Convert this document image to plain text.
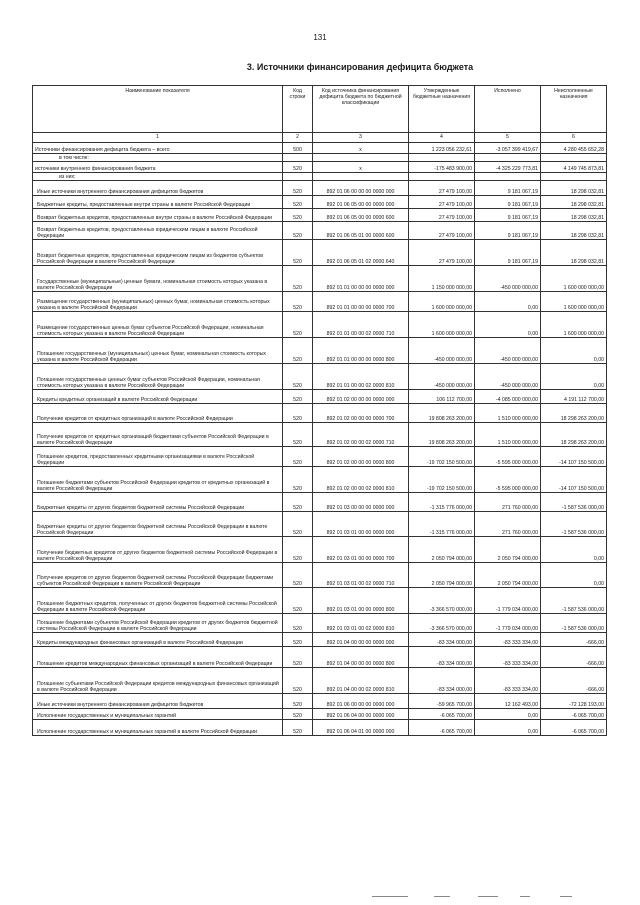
131
3. Источники финансирования дефицита бюджета
Наименование показателя	Код строки	Код источника финансирования дефицита бюджета по бюджетной классификации	Утвержденные бюджетные назначения	Исполнено	Неисполненные назначения
1	2	3	4	5	6
Источники финансирования дефицита бюджета – всего	500	x	1 223 056 232,61	-3 057 399 419,67	4 280 455 652,28
в том числе:					
источники внутреннего финансирования бюджета	520	x	-175 483 900,00	-4 325 229 773,81	4 149 745 873,81
из них:					
Иные источники внутреннего финансирования дефицитов бюджетов	520	892 01 06 00 00 00 0000 000	27 479 100,00	9 181 067,19	18 298 032,81
Бюджетные кредиты, предоставленные внутри страны в валюте Российской Федерации	520	892 01 06 05 00 00 0000 000	27 479 100,00	9 181 067,19	18 298 032,81
Возврат бюджетных кредитов, предоставленных внутри страны в валюте Российской Федерации	520	892 01 06 05 00 00 0000 600	27 479 100,00	9 181 067,19	18 298 032,81
Возврат бюджетных кредитов, предоставленных юридическим лицам в валюте Российской Федерации	520	892 01 06 05 01 00 0000 600	27 479 100,00	9 181 067,19	18 298 032,81
Возврат бюджетных кредитов, предоставленных юридическим лицам из бюджетов субъектов Российской Федерации в валюте Российской Федерации	520	892 01 06 05 01 02 0000 640	27 479 100,00	9 181 067,19	18 298 032,81
Государственные (муниципальные) ценные бумаги, номинальная стоимость которых указана в валюте Российской Федерации	520	892 01 01 00 00 00 0000 000	1 150 000 000,00	-450 000 000,00	1 600 000 000,00
Размещение государственных (муниципальных) ценных бумаг, номинальная стоимость которых указана в валюте Российской Федерации	520	892 01 01 00 00 00 0000 700	1 600 000 000,00	0,00	1 600 000 000,00
Размещение государственных ценных бумаг субъектов Российской Федерации, номинальная стоимость которых указана в валюте Российской Федерации	520	892 01 01 00 00 02 0000 710	1 600 000 000,00	0,00	1 600 000 000,00
Погашение государственных (муниципальных) ценных бумаг, номинальная стоимость которых указана в валюте Российской Федерации	520	892 01 01 00 00 00 0000 800	-450 000 000,00	-450 000 000,00	0,00
Погашение государственных ценных бумаг субъектов Российской Федерации, номинальная стоимость которых указана в валюте Российской Федерации	520	892 01 01 00 00 02 0000 810	-450 000 000,00	-450 000 000,00	0,00
Кредиты кредитных организаций в валюте Российской Федерации	520	892 01 02 00 00 00 0000 000	106 112 700,00	-4 085 000 000,00	4 191 112 700,00
Получение кредитов от кредитных организаций в валюте Российской Федерации	520	892 01 02 00 00 00 0000 700	19 808 263 200,00	1 510 000 000,00	18 298 263 200,00
Получение кредитов от кредитных организаций бюджетами субъектов Российской Федерации в валюте Российской Федерации	520	892 01 02 00 00 02 0000 710	19 808 263 200,00	1 510 000 000,00	18 298 263 200,00
Погашение кредитов, предоставленных кредитными организациями в валюте Российской Федерации	520	892 01 02 00 00 00 0000 800	-19 702 150 500,00	-5 595 000 000,00	-14 107 150 500,00
Погашение бюджетами субъектов Российской Федерации кредитов от кредитных организаций в валюте Российской Федерации	520	892 01 02 00 00 02 0000 810	-19 702 150 500,00	-5 595 000 000,00	-14 107 150 500,00
Бюджетные кредиты от других бюджетов бюджетной системы Российской Федерации	520	892 01 03 00 00 00 0000 000	-1 315 776 000,00	271 760 000,00	-1 587 536 000,00
Бюджетные кредиты от других бюджетов бюджетной системы Российской Федерации в валюте Российской Федерации	520	892 01 03 01 00 00 0000 000	-1 315 776 000,00	271 760 000,00	-1 587 536 000,00
Получение бюджетных кредитов от других бюджетов бюджетной системы Российской Федерации в валюте Российской Федерации	520	892 01 03 01 00 00 0000 700	2 050 794 000,00	2 050 794 000,00	0,00
Получение кредитов от других бюджетов бюджетной системы Российской Федерации бюджетами субъектов Российской Федерации в валюте Российской Федерации	520	892 01 03 01 00 02 0000 710	2 050 794 000,00	2 050 794 000,00	0,00
Погашение бюджетных кредитов, полученных от других бюджетов бюджетной системы Российской Федерации в валюте Российской Федерации	520	892 01 03 01 00 00 0000 800	-3 366 570 000,00	-1 779 034 000,00	-1 587 536 000,00
Погашение бюджетами субъектов Российской Федерации кредитов от других бюджетов бюджетной системы Российской Федерации в валюте Российской Федерации	520	892 01 03 01 00 02 0000 810	-3 366 570 000,00	-1 779 034 000,00	-1 587 536 000,00
Кредиты международных финансовых организаций в валюте Российской Федерации	520	892 01 04 00 00 00 0000 000	-83 334 000,00	-83 333 334,00	-666,00
Погашение кредитов международных финансовых организаций в валюте Российской Федерации	520	892 01 04 00 00 00 0000 800	-83 334 000,00	-83 333 334,00	-666,00
Погашение субъектами Российской Федерации кредитов международных финансовых организаций в валюте Российской Федерации	520	892 01 04 00 00 02 0000 810	-83 334 000,00	-83 333 334,00	-666,00
Иные источники внутреннего финансирования дефицитов бюджетов	520	892 01 06 00 00 00 0000 000	-59 965 700,00	12 162 493,00	-72 128 193,00
Исполнение государственных и муниципальных гарантий	520	892 01 06 04 00 00 0000 000	-6 065 700,00	0,00	-6 065 700,00
Исполнение государственных и муниципальных гарантий в валюте Российской Федерации	520	892 01 06 04 01 00 0000 000	-6 065 700,00	0,00	-6 065 700,00
